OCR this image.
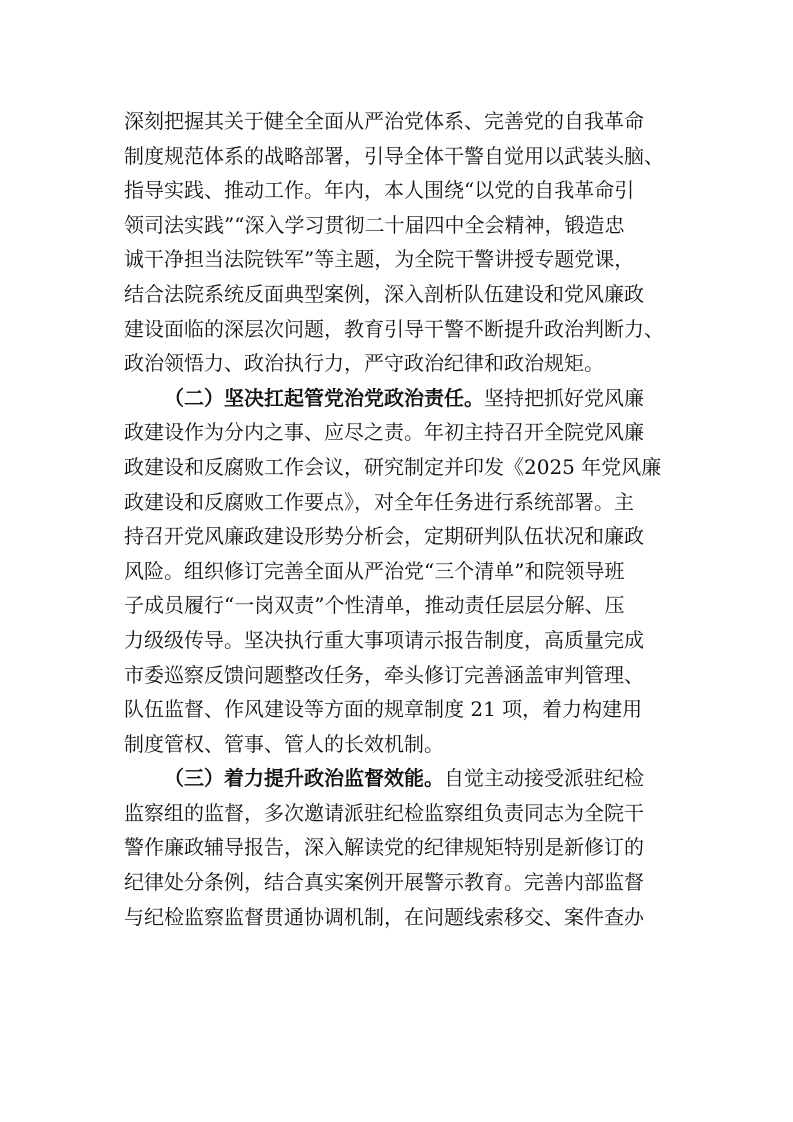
深刻把握其关于健全全面从严治党体系、完善党的自我革命
制度规范体系的战略部署，引导全体干警自觉用以武装头脑、
指导实践、推动工作。年内，本人围绕“以党的自我革命引
领司法实践”“深入学习贯彻二十届四中全会精神，锻造忠
诚干净担当法院铁军”等主题，为全院干警讲授专题党课，
结合法院系统反面典型案例，深入剖析队伍建设和党风廉政
建设面临的深层次问题，教育引导干警不断提升政治判断力、
政治领悟力、政治执行力，严守政治纪律和政治规矩。
（二）坚决扛起管党治党政治责任。坚持把抓好党风廉
政建设作为分内之事、应尽之责。年初主持召开全院党风廉
政建设和反腐败工作会议，研究制定并印发《2025 年党风廉
政建设和反腐败工作要点》，对全年任务进行系统部署。主
持召开党风廉政建设形势分析会，定期研判队伍状况和廉政
风险。组织修订完善全面从严治党“三个清单”和院领导班
子成员履行“一岗双责”个性清单，推动责任层层分解、压
力级级传导。坚决执行重大事项请示报告制度，高质量完成
市委巡察反馈问题整改任务，牵头修订完善涵盖审判管理、
队伍监督、作风建设等方面的规章制度 21 项，着力构建用
制度管权、管事、管人的长效机制。
（三）着力提升政治监督效能。自觉主动接受派驻纪检
监察组的监督，多次邀请派驻纪检监察组负责同志为全院干
警作廉政辅导报告，深入解读党的纪律规矩特别是新修订的
纪律处分条例，结合真实案例开展警示教育。完善内部监督
与纪检监察监督贯通协调机制，在问题线索移交、案件查办
